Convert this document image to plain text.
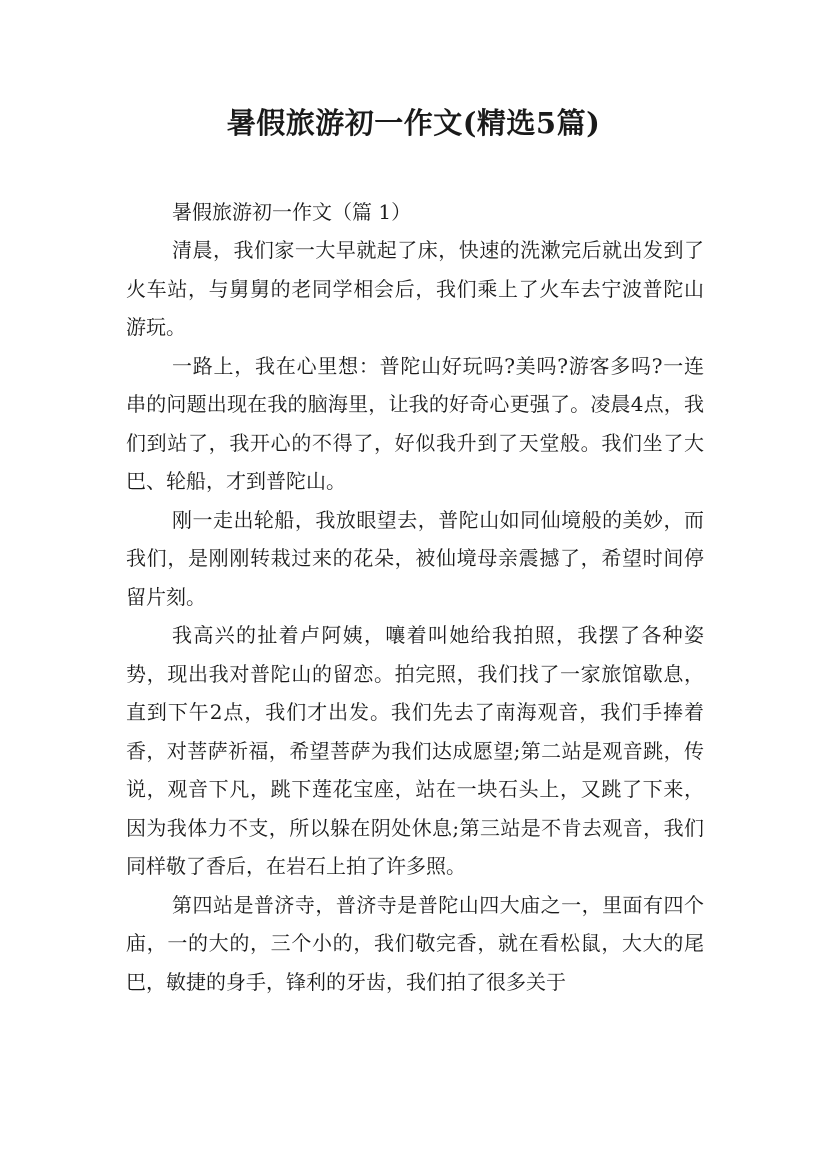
暑假旅游初一作文(精选5篇)

暑假旅游初一作文（篇 1）

清晨，我们家一大早就起了床，快速的洗漱完后就出发到了火车站，与舅舅的老同学相会后，我们乘上了火车去宁波普陀山游玩。

一路上，我在心里想：普陀山好玩吗?美吗?游客多吗?一连串的问题出现在我的脑海里，让我的好奇心更强了。凌晨4点，我们到站了，我开心的不得了，好似我升到了天堂般。我们坐了大巴、轮船，才到普陀山。

刚一走出轮船，我放眼望去，普陀山如同仙境般的美妙，而我们，是刚刚转栽过来的花朵，被仙境母亲震撼了，希望时间停留片刻。

我高兴的扯着卢阿姨，嚷着叫她给我拍照，我摆了各种姿势，现出我对普陀山的留恋。拍完照，我们找了一家旅馆歇息，直到下午2点，我们才出发。我们先去了南海观音，我们手捧着香，对菩萨祈福，希望菩萨为我们达成愿望;第二站是观音跳，传说，观音下凡，跳下莲花宝座，站在一块石头上，又跳了下来，因为我体力不支，所以躲在阴处休息;第三站是不肯去观音，我们同样敬了香后，在岩石上拍了许多照。

第四站是普济寺，普济寺是普陀山四大庙之一，里面有四个庙，一的大的，三个小的，我们敬完香，就在看松鼠，大大的尾巴，敏捷的身手，锋利的牙齿，我们拍了很多关于
